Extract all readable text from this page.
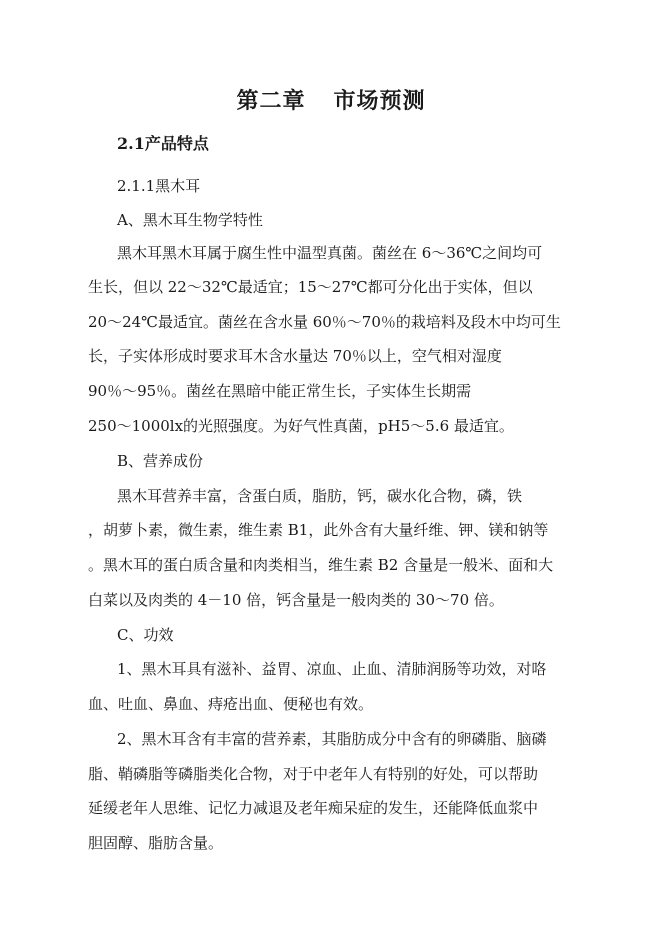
第二章 市场预测
2.1产品特点
2.1.1黑木耳
A、黑木耳生物学特性
黑木耳黑木耳属于腐生性中温型真菌。菌丝在 6～36℃之间均可
生长，但以 22～32℃最适宜；15～27℃都可分化出于实体，但以
20～24℃最适宜。菌丝在含水量 60％～70％的栽培料及段木中均可生
长，子实体形成时要求耳木含水量达 70％以上，空气相对湿度
90％～95％。菌丝在黑暗中能正常生长，子实体生长期需
250～1000lx的光照强度。为好气性真菌，pH5～5.6 最适宜。
B、营养成份
黑木耳营养丰富，含蛋白质，脂肪，钙，碳水化合物，磷，铁
，胡萝卜素，微生素，维生素 B1，此外含有大量纤维、钾、镁和钠等
。黑木耳的蛋白质含量和肉类相当，维生素 B2 含量是一般米、面和大
白菜以及肉类的 4－10 倍，钙含量是一般肉类的 30～70 倍。
C、功效
1、黑木耳具有滋补、益胃、凉血、止血、清肺润肠等功效，对咯
血、吐血、鼻血、痔疮出血、便秘也有效。
2、黑木耳含有丰富的营养素，其脂肪成分中含有的卵磷脂、脑磷
脂、鞘磷脂等磷脂类化合物，对于中老年人有特别的好处，可以帮助
延缓老年人思维、记忆力减退及老年痴呆症的发生，还能降低血浆中
胆固醇、脂肪含量。
